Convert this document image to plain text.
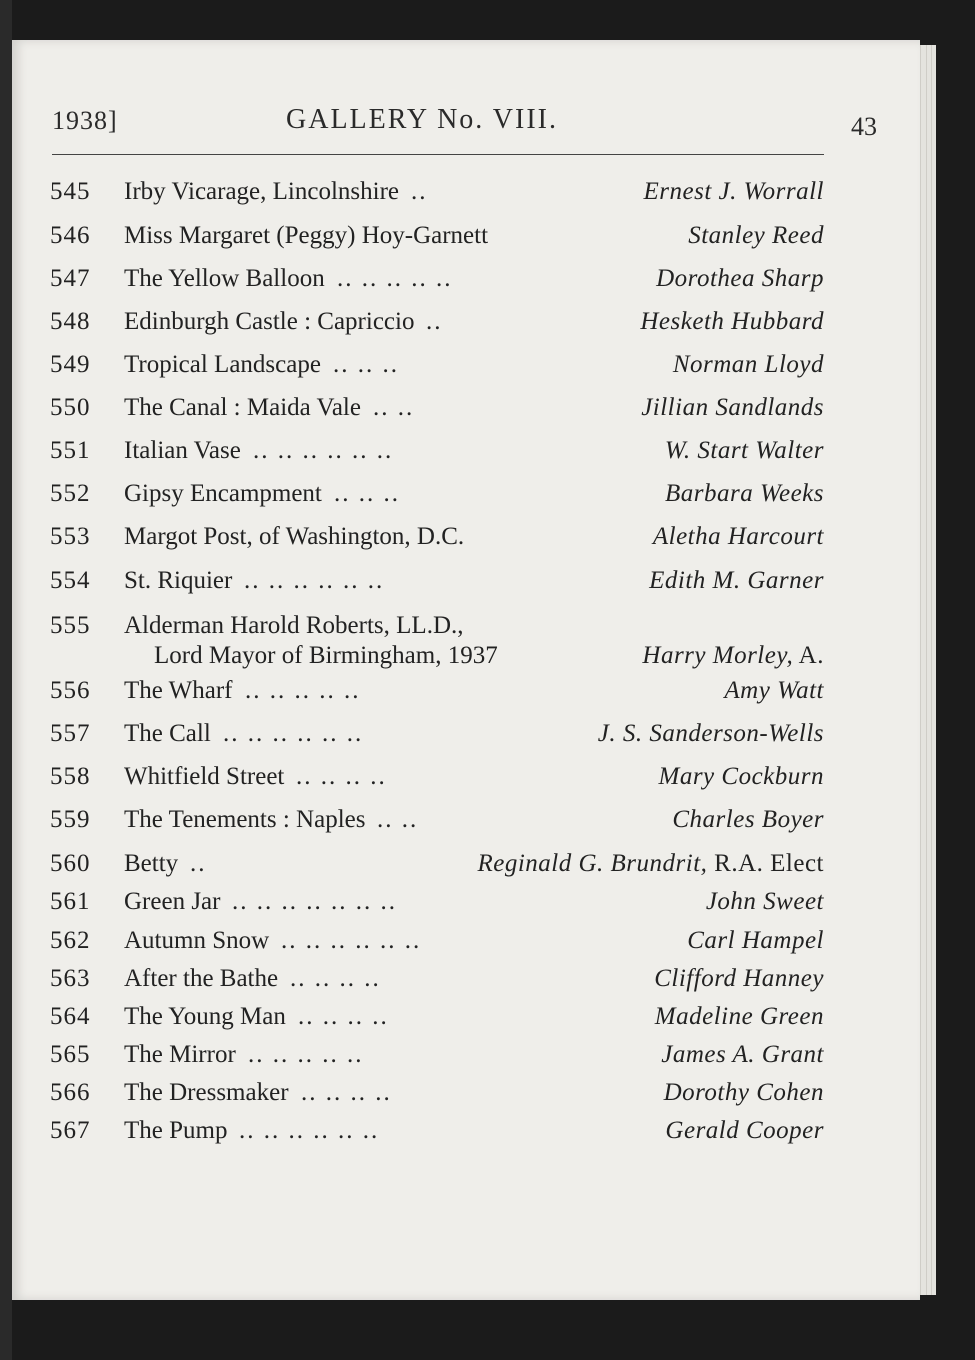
1938]	GALLERY No. VIII.	43
545 Irby Vicarage, Lincolnshire ..	Ernest J. Worrall
546 Miss Margaret (Peggy) Hoy-Garnett	Stanley Reed
547 The Yellow Balloon .. .. .. .. ..	Dorothea Sharp
548 Edinburgh Castle : Capriccio ..	Hesketh Hubbard
549 Tropical Landscape .. .. ..	Norman Lloyd
550 The Canal : Maida Vale .. ..	Jillian Sandlands
551 Italian Vase .. .. .. .. .. ..	W. Start Walter
552 Gipsy Encampment .. .. ..	Barbara Weeks
553 Margot Post, of Washington, D.C.	Aletha Harcourt
554 St. Riquier .. .. .. .. .. ..	Edith M. Garner
555 Alderman Harold Roberts, LL.D.,
Lord Mayor of Birmingham, 1937	Harry Morley, A.
556 The Wharf .. .. .. .. ..	Amy Watt
557 The Call .. .. .. .. .. ..	J. S. Sanderson-Wells
558 Whitfield Street .. .. .. ..	Mary Cockburn
559 The Tenements : Naples .. ..	Charles Boyer
560 Betty ..	Reginald G. Brundrit, R.A. Elect
561 Green Jar .. .. .. .. .. .. ..	John Sweet
562 Autumn Snow .. .. .. .. .. ..	Carl Hampel
563 After the Bathe .. .. .. ..	Clifford Hanney
564 The Young Man .. .. .. ..	Madeline Green
565 The Mirror .. .. .. .. ..	James A. Grant
566 The Dressmaker .. .. .. ..	Dorothy Cohen
567 The Pump .. .. .. .. .. ..	Gerald Cooper
